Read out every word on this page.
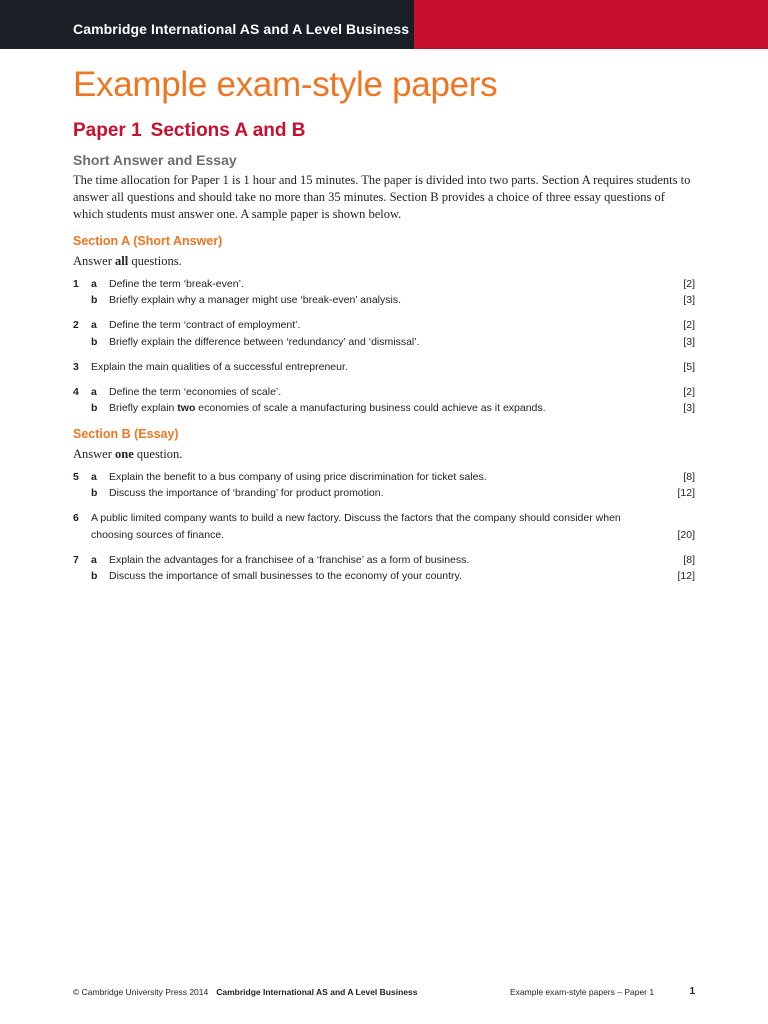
Cambridge International AS and A Level Business
Example exam-style papers
Paper 1 Sections A and B
Short Answer and Essay

The time allocation for Paper 1 is 1 hour and 15 minutes. The paper is divided into two parts. Section A requires students to answer all questions and should take no more than 35 minutes. Section B provides a choice of three essay questions of which students must answer one. A sample paper is shown below.

Section A (Short Answer)

Answer all questions.

1 a	Define the term ‘break-even’.	[2]
b	Briefly explain why a manager might use ‘break-even’ analysis.	[3]
2 a	Define the term ‘contract of employment’.	[2]
b	Briefly explain the difference between ‘redundancy’ and ‘dismissal’.	[3]
3	Explain the main qualities of a successful entrepreneur.	[5]
4 a	Define the term ‘economies of scale’.	[2]
b	Briefly explain two economies of scale a manufacturing business could achieve as it expands.	[3]
Section B (Essay)

Answer one question.

5 a	Explain the benefit to a bus company of using price discrimination for ticket sales.	[8]
b	Discuss the importance of ‘branding’ for product promotion.	[12]
6	A public limited company wants to build a new factory. Discuss the factors that the company should consider when choosing sources of finance.	[20]
7 a	Explain the advantages for a franchisee of a ‘franchise’ as a form of business.	[8]
b	Discuss the importance of small businesses to the economy of your country.	[12]
© Cambridge University Press 2014 Cambridge International AS and A Level Business	Example exam-style papers – Paper 1	1
